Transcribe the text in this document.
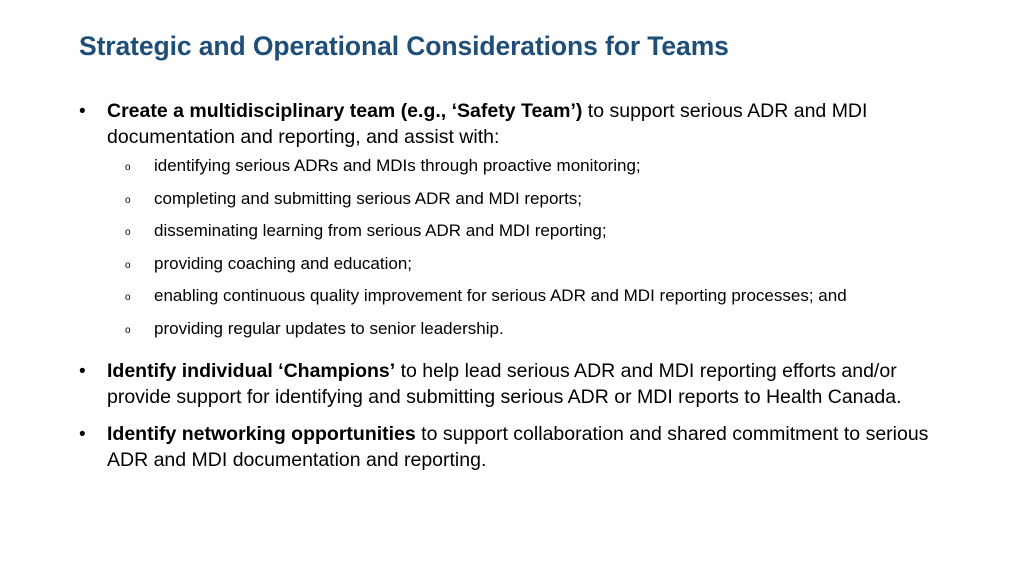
Strategic and Operational Considerations for Teams
• Create a multidisciplinary team (e.g., ‘Safety Team’) to support serious ADR and MDI documentation and reporting, and assist with:
o identifying serious ADRs and MDIs through proactive monitoring;
o completing and submitting serious ADR and MDI reports;
o disseminating learning from serious ADR and MDI reporting;
o providing coaching and education;
o enabling continuous quality improvement for serious ADR and MDI reporting processes; and
o providing regular updates to senior leadership.
• Identify individual ‘Champions’ to help lead serious ADR and MDI reporting efforts and/or provide support for identifying and submitting serious ADR or MDI reports to Health Canada.
• Identify networking opportunities to support collaboration and shared commitment to serious ADR and MDI documentation and reporting.
